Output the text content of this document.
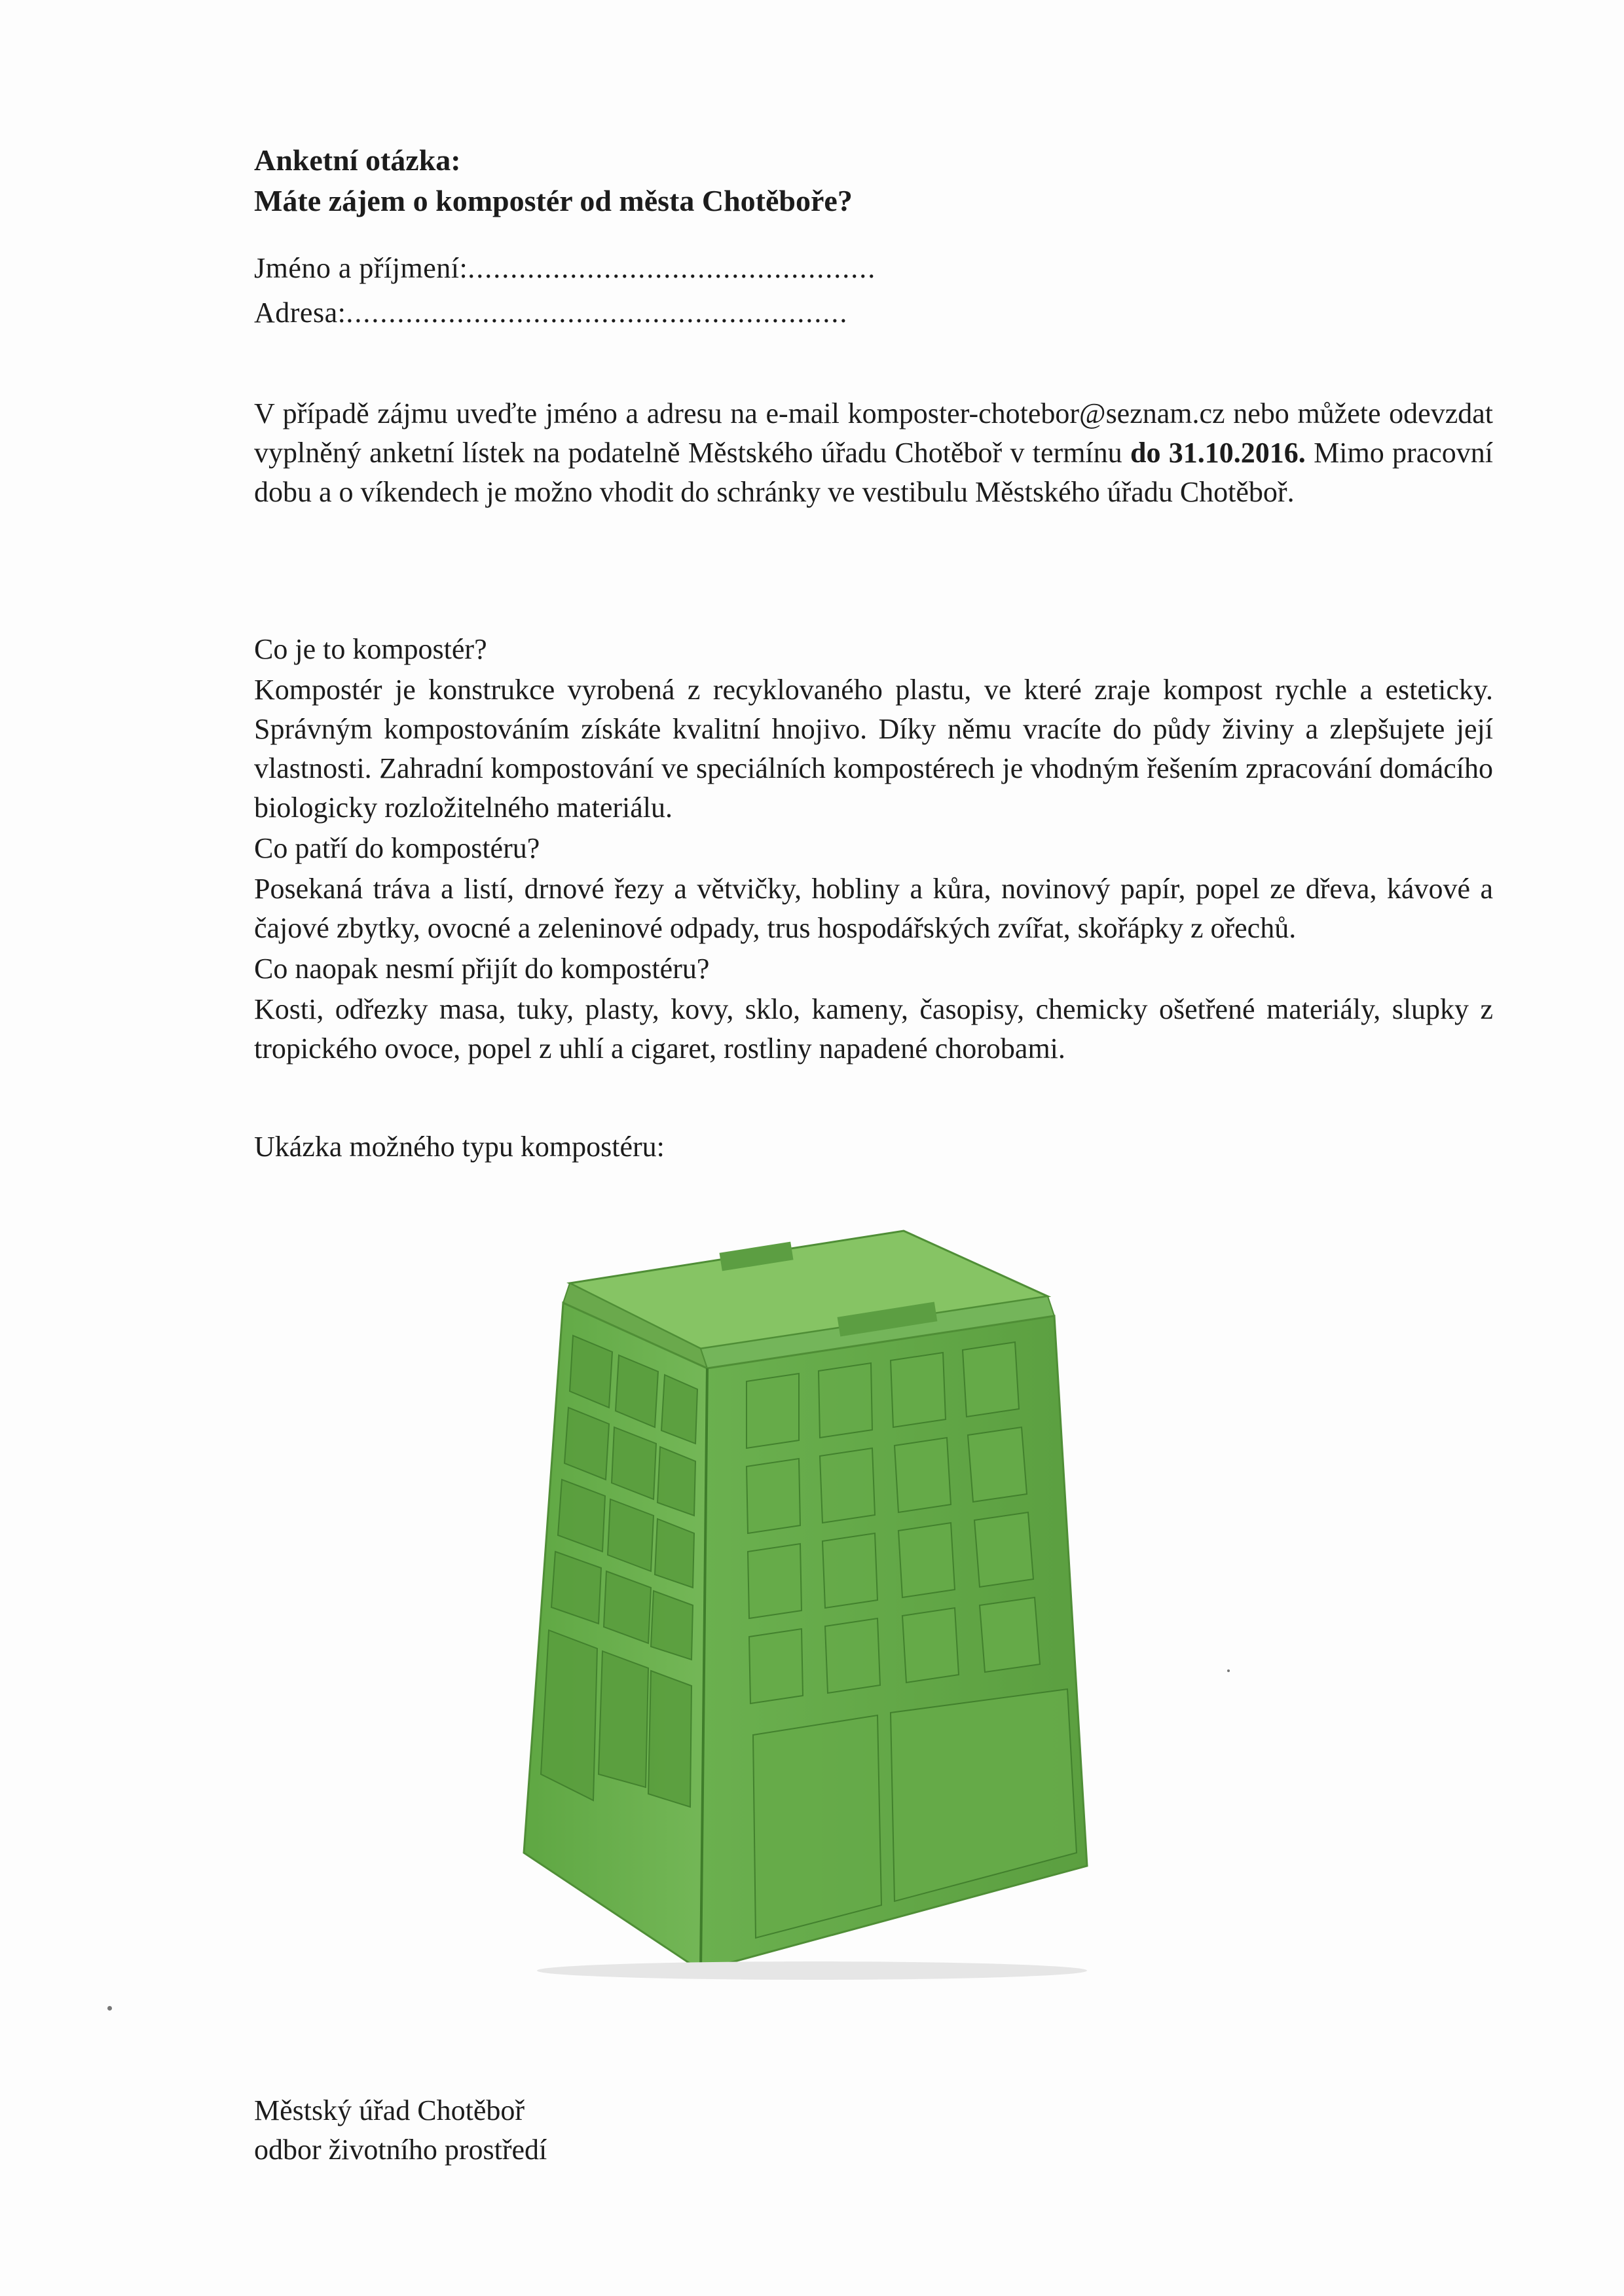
Anketní otázka:
Máte zájem o kompostér od města Chotěboře?
Jméno a příjmení:................................................
Adresa:...........................................................
V případě zájmu uveďte jméno a adresu na e-mail komposter-chotebor@seznam.cz nebo můžete odevzdat vyplněný anketní lístek na podatelně Městského úřadu Chotěboř v termínu do 31.10.2016. Mimo pracovní dobu a o víkendech je možno vhodit do schránky ve vestibulu Městského úřadu Chotěboř.
Co je to kompostér?
Kompostér je konstrukce vyrobená z recyklovaného plastu, ve které zraje kompost rychle a esteticky. Správným kompostováním získáte kvalitní hnojivo. Díky němu vracíte do půdy živiny a zlepšujete její vlastnosti. Zahradní kompostování ve speciálních kompostérech je vhodným řešením zpracování domácího biologicky rozložitelného materiálu.
Co patří do kompostéru?
Posekaná tráva a listí, drnové řezy a větvičky, hobliny a kůra, novinový papír, popel ze dřeva, kávové a čajové zbytky, ovocné a zeleninové odpady, trus hospodářských zvířat, skořápky z ořechů.
Co naopak nesmí přijít do kompostéru?
Kosti, odřezky masa, tuky, plasty, kovy, sklo, kameny, časopisy, chemicky ošetřené materiály, slupky z tropického ovoce, popel z uhlí a cigaret, rostliny napadené chorobami.
Ukázka možného typu kompostéru:
Městský úřad Chotěboř
odbor životního prostředí
